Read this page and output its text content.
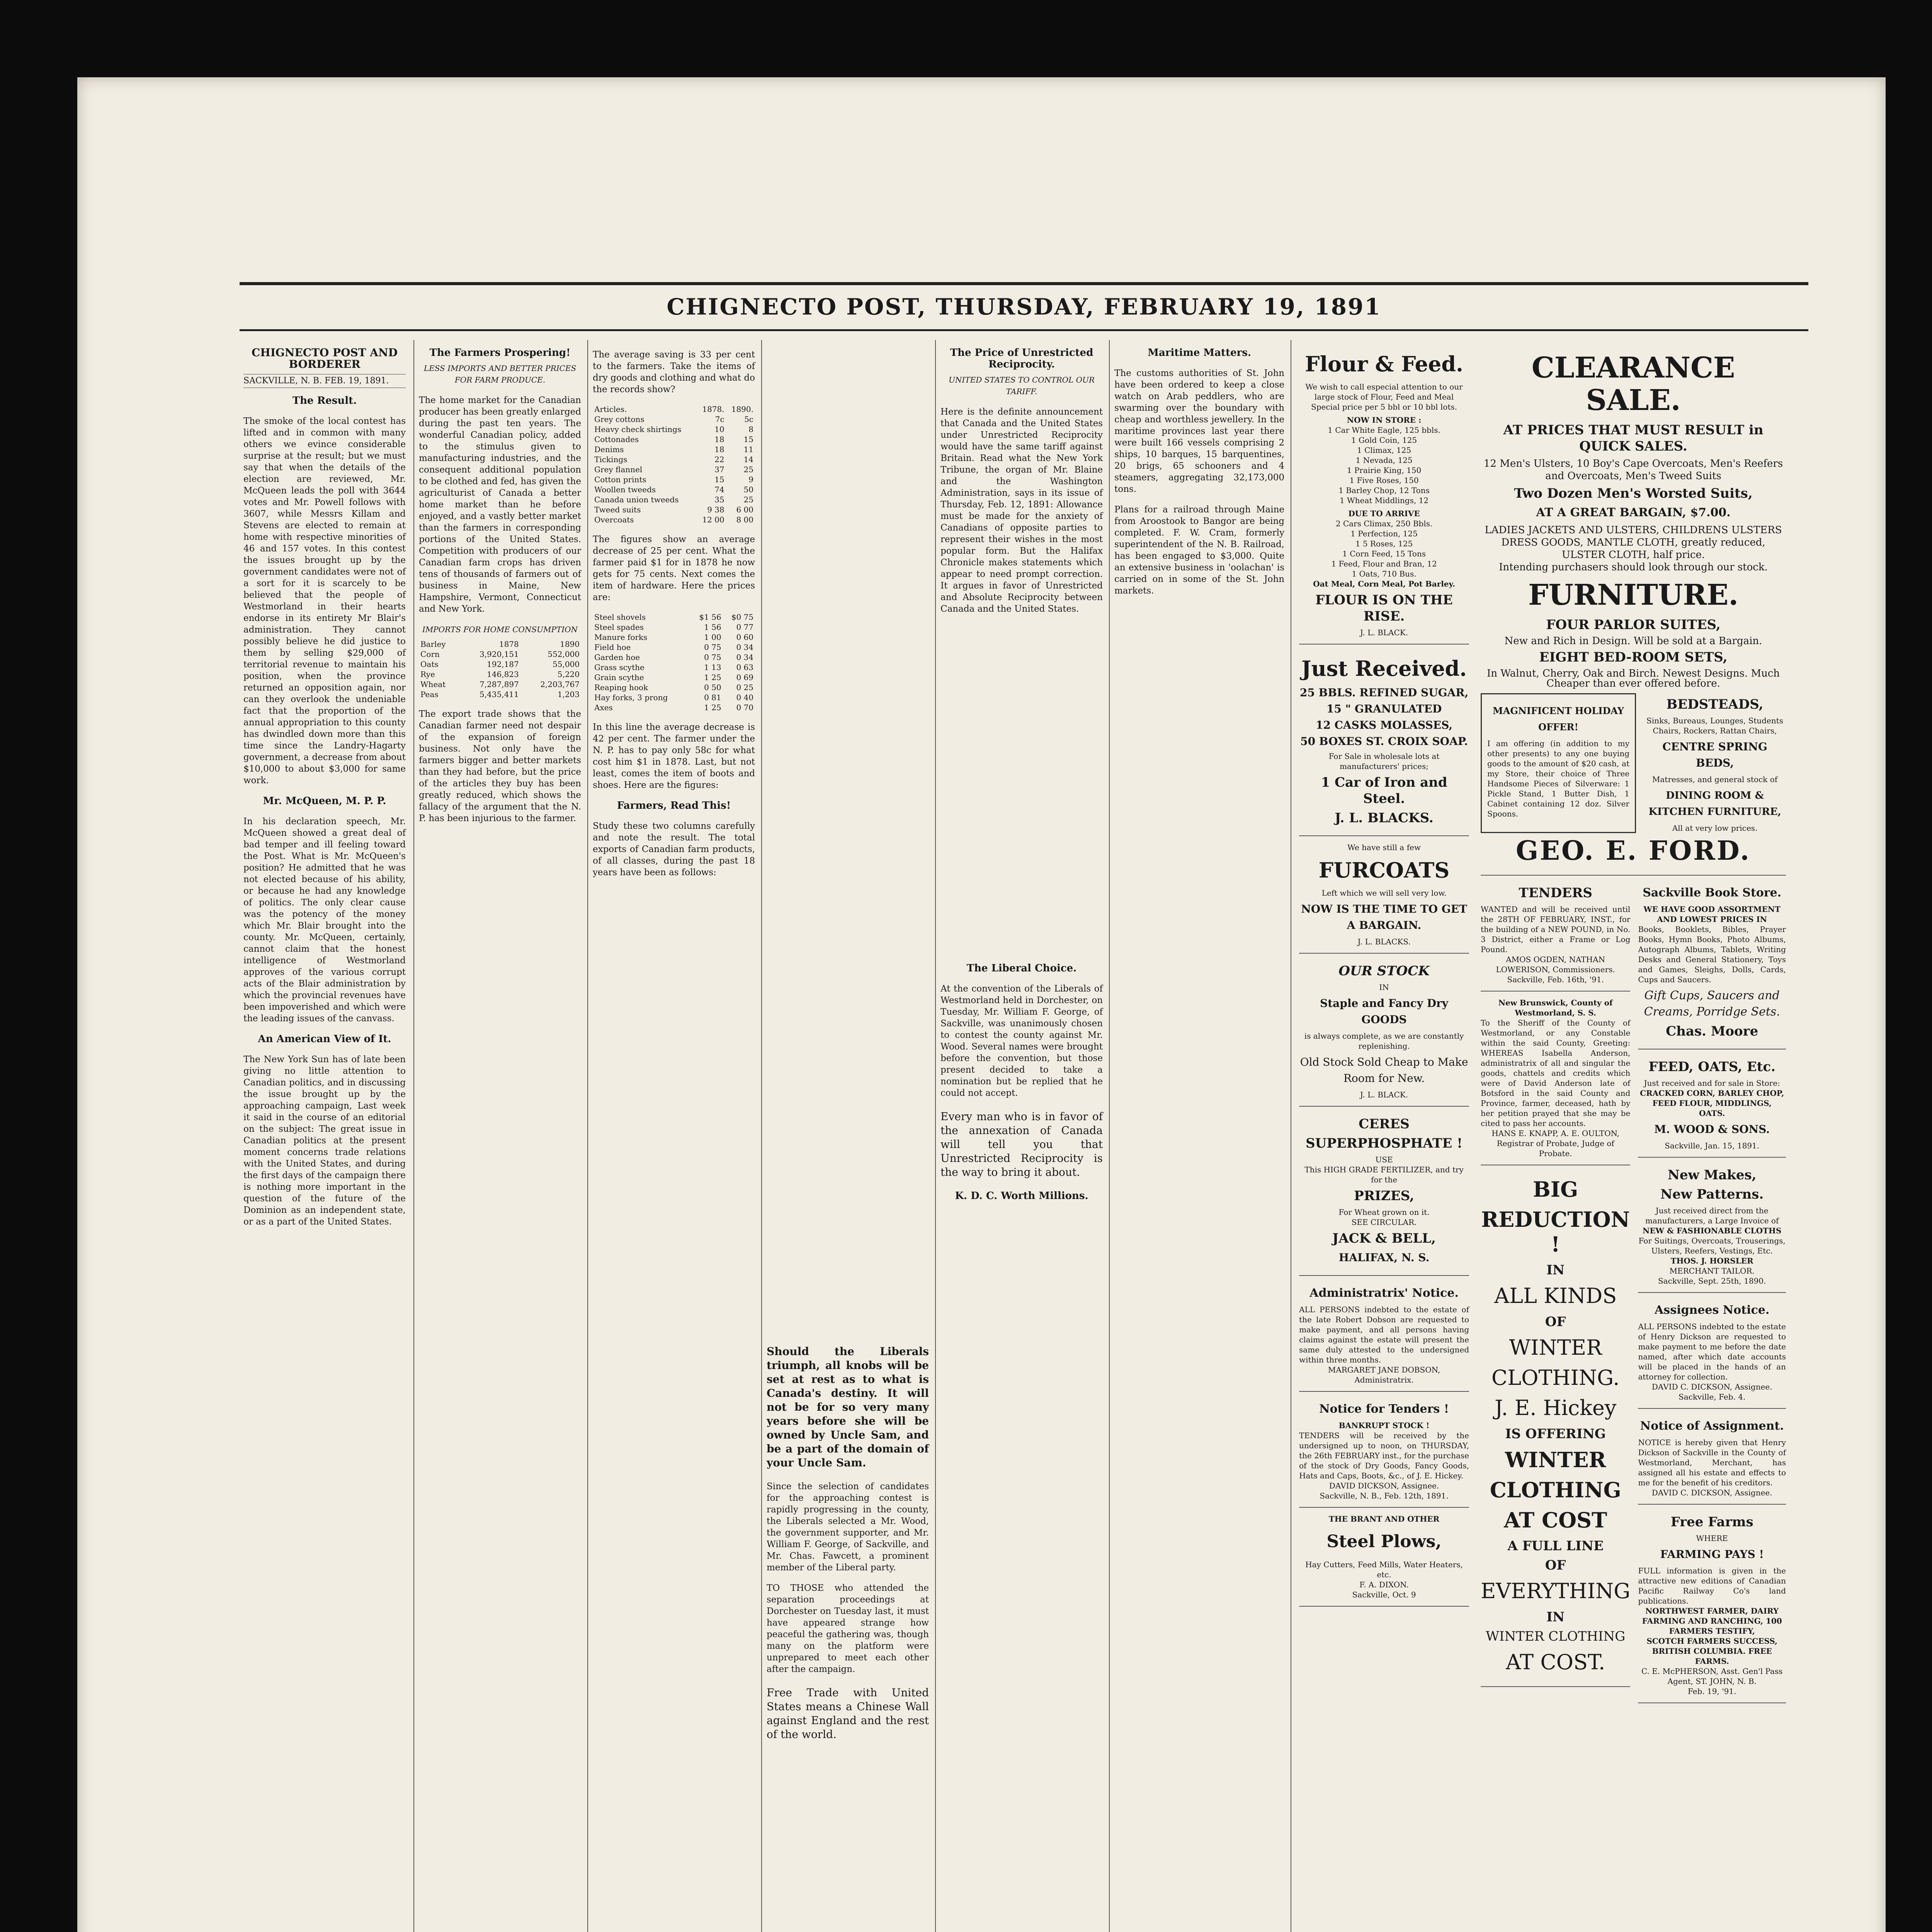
CHIGNECTO POST, THURSDAY, FEBRUARY 19, 1891
CHIGNECTO POST AND BORDERER
SACKVILLE, N. B. FEB. 19, 1891.
The Result.

The smoke of the local contest has lifted and in common with many others we evince considerable surprise at the result; but we must say that when the details of the election are reviewed, Mr. McQueen leads the poll with 3644 votes and Mr. Powell follows with 3607, while Messrs Killam and Stevens are elected to remain at home with respective minorities of 46 and 157 votes. In this contest the issues brought up by the government candidates were not of a sort for it is scarcely to be believed that the people of Westmorland in their hearts endorse in its entirety Mr Blair's administration. They cannot possibly believe he did justice to them by selling $29,000 of territorial revenue to maintain his position, when the province returned an opposition again, nor can they overlook the undeniable fact that the proportion of the annual appropriation to this county has dwindled down more than this time since the Landry-Hagarty government, a decrease from about $10,000 to about $3,000 for same work.

Mr. McQueen, M. P. P.

In his declaration speech, Mr. McQueen showed a great deal of bad temper and ill feeling toward the Post. What is Mr. McQueen's position? He admitted that he was not elected because of his ability, or because he had any knowledge of politics. The only clear cause was the potency of the money which Mr. Blair brought into the county. Mr. McQueen, certainly, cannot claim that the honest intelligence of Westmorland approves of the various corrupt acts of the Blair administration by which the provincial revenues have been impoverished and which were the leading issues of the canvass.

An American View of It.

The New York Sun has of late been giving no little attention to Canadian politics, and in discussing the issue brought up by the approaching campaign, Last week it said in the course of an editorial on the subject: The great issue in Canadian politics at the present moment concerns trade relations with the United States, and during the first days of the campaign there is nothing more important in the question of the future of the Dominion as an independent state, or as a part of the United States.

The Farmers Prospering!
LESS IMPORTS AND BETTER PRICES FOR FARM PRODUCE.

The home market for the Canadian producer has been greatly enlarged during the past ten years. The wonderful Canadian policy, added to the stimulus given to manufacturing industries, and the consequent additional population to be clothed and fed, has given the agriculturist of Canada a better home market than he before enjoyed, and a vastly better market than the farmers in corresponding portions of the United States. Competition with producers of our Canadian farm crops has driven tens of thousands of farmers out of business in Maine, New Hampshire, Vermont, Connecticut and New York.

IMPORTS FOR HOME CONSUMPTION
Barley	1878	1890
Corn	3,920,151	552,000
Oats	192,187	55,000
Rye	146,823	5,220
Wheat	7,287,897	2,203,767
Peas	5,435,411	1,203

The export trade shows that the Canadian farmer need not despair of the expansion of foreign business. Not only have the farmers bigger and better markets than they had before, but the price of the articles they buy has been greatly reduced, which shows the fallacy of the argument that the N. P. has been injurious to the farmer.

The average saving is 33 per cent to the farmers. Take the items of dry goods and clothing and what do the records show?

Articles.	1878.	1890.
Grey cottons	7c	5c
Heavy check shirtings	10	8
Cottonades	18	15
Denims	18	11
Tickings	22	14
Grey flannel	37	25
Cotton prints	15	9
Woollen tweeds	74	50
Canada union tweeds	35	25
Tweed suits	9 38	6 00
Overcoats	12 00	8 00

The figures show an average decrease of 25 per cent. What the farmer paid $1 for in 1878 he now gets for 75 cents. Next comes the item of hardware. Here the prices are:

Steel shovels	$1 56	$0 75
Steel spades	1 56	0 77
Manure forks	1 00	0 60
Field hoe	0 75	0 34
Garden hoe	0 75	0 34
Grass scythe	1 13	0 63
Grain scythe	1 25	0 69
Reaping hook	0 50	0 25
Hay forks, 3 prong	0 81	0 40
Axes	1 25	0 70

In this line the average decrease is 42 per cent. The farmer under the N. P. has to pay only 58c for what cost him $1 in 1878. Last, but not least, comes the item of boots and shoes. Here are the figures:

Farmers, Read This!

Study these two columns carefully and note the result. The total exports of Canadian farm products, of all classes, during the past 18 years have been as follows:

Should the Liberals triumph, all knobs will be set at rest as to what is Canada's destiny. It will not be for so very many years before she will be owned by Uncle Sam, and be a part of the domain of your Uncle Sam.

Since the selection of candidates for the approaching contest is rapidly progressing in the county, the Liberals selected a Mr. Wood, the government supporter, and Mr. William F. George, of Sackville, and Mr. Chas. Fawcett, a prominent member of the Liberal party.

TO THOSE who attended the separation proceedings at Dorchester on Tuesday last, it must have appeared strange how peaceful the gathering was, though many on the platform were unprepared to meet each other after the campaign.

Free Trade with United States means a Chinese Wall against England and the rest of the world.

The Price of Unrestricted Reciprocity.
UNITED STATES TO CONTROL OUR TARIFF.

Here is the definite announcement that Canada and the United States under Unrestricted Reciprocity would have the same tariff against Britain. Read what the New York Tribune, the organ of Mr. Blaine and the Washington Administration, says in its issue of Thursday, Feb. 12, 1891: Allowance must be made for the anxiety of Canadians of opposite parties to represent their wishes in the most popular form. But the Halifax Chronicle makes statements which appear to need prompt correction. It argues in favor of Unrestricted and Absolute Reciprocity between Canada and the United States.

The Liberal Choice.

At the convention of the Liberals of Westmorland held in Dorchester, on Tuesday, Mr. William F. George, of Sackville, was unanimously chosen to contest the county against Mr. Wood. Several names were brought before the convention, but those present decided to take a nomination but be replied that he could not accept.

Every man who is in favor of the annexation of Canada will tell you that Unrestricted Reciprocity is the way to bring it about.

K. D. C. Worth Millions.
Maritime Matters.

The customs authorities of St. John have been ordered to keep a close watch on Arab peddlers, who are swarming over the boundary with cheap and worthless jewellery. In the maritime provinces last year there were built 166 vessels comprising 2 ships, 10 barques, 15 barquentines, 20 brigs, 65 schooners and 4 steamers, aggregating 32,173,000 tons.

Plans for a railroad through Maine from Aroostook to Bangor are being completed. F. W. Cram, formerly superintendent of the N. B. Railroad, has been engaged to $3,000. Quite an extensive business in 'oolachan' is carried on in some of the St. John markets.

Flour & Feed.
We wish to call especial attention to our large stock of Flour, Feed and Meal Special price per 5 bbl or 10 bbl lots.
NOW IN STORE :
1 Car White Eagle, 125 bbls.
1 Gold Coin, 125
1 Climax, 125
1 Nevada, 125
1 Prairie King, 150
1 Five Roses, 150
1 Barley Chop, 12 Tons
1 Wheat Middlings, 12
DUE TO ARRIVE
2 Cars Climax, 250 Bbls.
1 Perfection, 125
1 5 Roses, 125
1 Corn Feed, 15 Tons
1 Feed, Flour and Bran, 12
1 Oats, 710 Bus.
Oat Meal, Corn Meal, Pot Barley.
FLOUR IS ON THE RISE.
J. L. BLACK.
Just Received.
25 BBLS. REFINED SUGAR,
15 " GRANULATED
12 CASKS MOLASSES,
50 BOXES ST. CROIX SOAP.
For Sale in wholesale lots at manufacturers' prices;
1 Car of Iron and Steel.
J. L. BLACKS.
We have still a few
FURCOATS
Left which we will sell very low.
NOW IS THE TIME TO GET A BARGAIN.
J. L. BLACKS.
OUR STOCK
IN
Staple and Fancy Dry GOODS
is always complete, as we are constantly replenishing.
Old Stock Sold Cheap to Make Room for New.
J. L. BLACK.
CERES
SUPERPHOSPHATE !
USE
This HIGH GRADE FERTILIZER, and try for the
PRIZES,
For Wheat grown on it.
SEE CIRCULAR.
JACK & BELL,
HALIFAX, N. S.
Administratrix' Notice.
ALL PERSONS indebted to the estate of the late Robert Dobson are requested to make payment, and all persons having claims against the estate will present the same duly attested to the undersigned within three months.
MARGARET JANE DOBSON, Administratrix.
Notice for Tenders !
BANKRUPT STOCK !
TENDERS will be received by the undersigned up to noon, on THURSDAY, the 26th FEBRUARY inst., for the purchase of the stock of Dry Goods, Fancy Goods, Hats and Caps, Boots, &c., of J. E. Hickey.
DAVID DICKSON, Assignee.
Sackville, N. B., Feb. 12th, 1891.
THE BRANT AND OTHER
Steel Plows,
Hay Cutters, Feed Mills, Water Heaters, etc.
F. A. DIXON.
Sackville, Oct. 9
CLEARANCE SALE.
AT PRICES THAT MUST RESULT in QUICK SALES.
12 Men's Ulsters, 10 Boy's Cape Overcoats, Men's Reefers and Overcoats, Men's Tweed Suits
Two Dozen Men's Worsted Suits,
AT A GREAT BARGAIN, $7.00.
LADIES JACKETS AND ULSTERS, CHILDRENS ULSTERS DRESS GOODS, MANTLE CLOTH, greatly reduced, ULSTER CLOTH, half price.
Intending purchasers should look through our stock.
FURNITURE.
FOUR PARLOR SUITES,
New and Rich in Design. Will be sold at a Bargain.
EIGHT BED-ROOM SETS,
In Walnut, Cherry, Oak and Birch. Newest Designs. Much Cheaper than ever offered before.
MAGNIFICENT HOLIDAY OFFER!
I am offering (in addition to my other presents) to any one buying goods to the amount of $20 cash, at my Store, their choice of Three Handsome Pieces of Silverware: 1 Pickle Stand, 1 Butter Dish, 1 Cabinet containing 12 doz. Silver Spoons.
BEDSTEADS,
Sinks, Bureaus, Lounges, Students Chairs, Rockers, Rattan Chairs,
CENTRE SPRING BEDS,
Matresses, and general stock of
DINING ROOM & KITCHEN FURNITURE,
All at very low prices.
GEO. E. FORD.
TENDERS
WANTED and will be received until the 28TH OF FEBRUARY, INST., for the building of a NEW POUND, in No. 3 District, either a Frame or Log Pound.
AMOS OGDEN, NATHAN LOWERISON, Commissioners.
Sackville, Feb. 16th, '91.
New Brunswick, County of Westmorland, S. S.
To the Sheriff of the County of Westmorland, or any Constable within the said County, Greeting: WHEREAS Isabella Anderson, administratrix of all and singular the goods, chattels and credits which were of David Anderson late of Botsford in the said County and Province, farmer, deceased, hath by her petition prayed that she may be cited to pass her accounts.
HANS E. KNAPP, A. E. OULTON, Registrar of Probate, Judge of Probate.
BIG
REDUCTION !
IN
ALL KINDS
OF
WINTER
CLOTHING.
J. E. Hickey
IS OFFERING
WINTER
CLOTHING
AT COST
A FULL LINE
OF
EVERYTHING
IN
WINTER CLOTHING
AT COST.
Sackville Book Store.
WE HAVE GOOD ASSORTMENT AND LOWEST PRICES IN
Books, Booklets, Bibles, Prayer Books, Hymn Books, Photo Albums, Autograph Albums, Tablets, Writing Desks and General Stationery, Toys and Games, Sleighs, Dolls, Cards, Cups and Saucers.
Gift Cups, Saucers and Creams, Porridge Sets.
Chas. Moore
FEED, OATS, Etc.
Just received and for sale in Store:
CRACKED CORN, BARLEY CHOP, FEED FLOUR, MIDDLINGS, OATS.
M. WOOD & SONS.
Sackville, Jan. 15, 1891.
New Makes,
New Patterns.
Just received direct from the manufacturers, a Large Invoice of
NEW & FASHIONABLE CLOTHS
For Suitings, Overcoats, Trouserings, Ulsters, Reefers, Vestings, Etc.
THOS. J. HORSLER
MERCHANT TAILOR.
Sackville, Sept. 25th, 1890.
Assignees Notice.
ALL PERSONS indebted to the estate of Henry Dickson are requested to make payment to me before the date named, after which date accounts will be placed in the hands of an attorney for collection.
DAVID C. DICKSON, Assignee.
Sackville, Feb. 4.
Notice of Assignment.
NOTICE is hereby given that Henry Dickson of Sackville in the County of Westmorland, Merchant, has assigned all his estate and effects to me for the benefit of his creditors.
DAVID C. DICKSON, Assignee.
Free Farms
WHERE
FARMING PAYS !
FULL information is given in the attractive new editions of Canadian Pacific Railway Co's land publications.
NORTHWEST FARMER, DAIRY FARMING AND RANCHING, 100 FARMERS TESTIFY,
SCOTCH FARMERS SUCCESS, BRITISH COLUMBIA. FREE FARMS.
C. E. McPHERSON, Asst. Gen'l Pass Agent, ST. JOHN, N. B.
Feb. 19, '91.
